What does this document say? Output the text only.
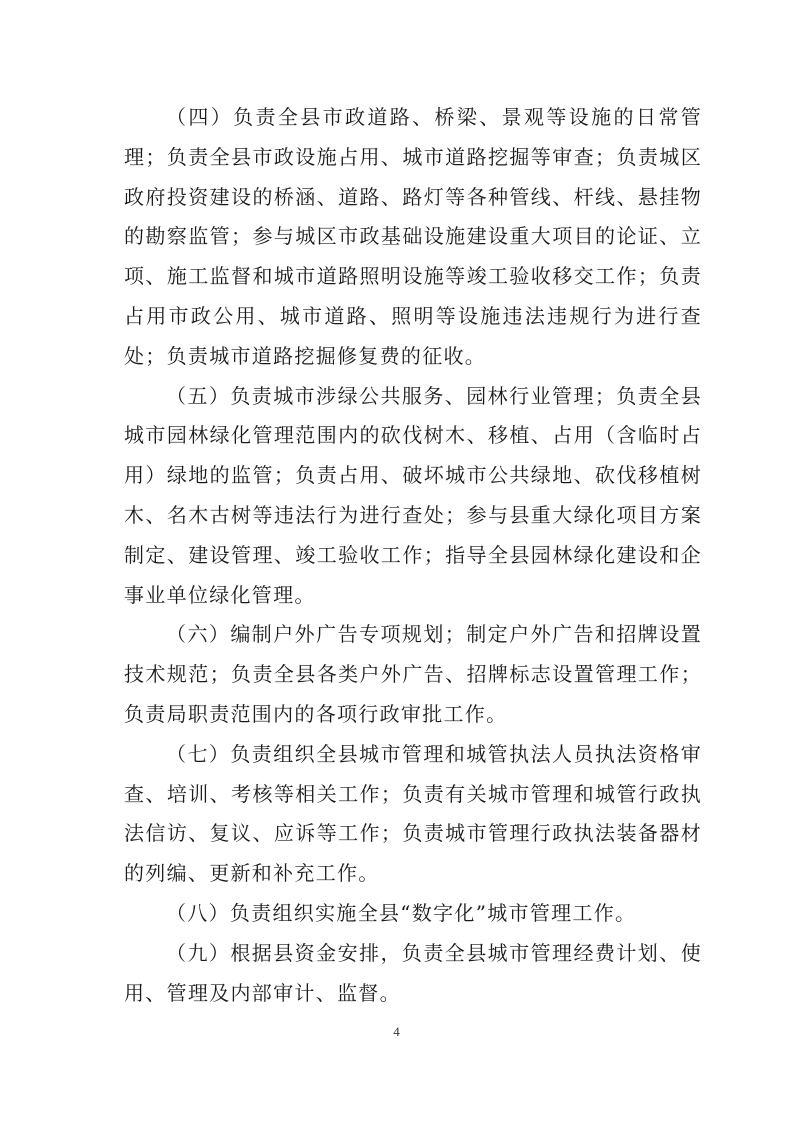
（四）负责全县市政道路、桥梁、景观等设施的日常管理；负责全县市政设施占用、城市道路挖掘等审查；负责城区政府投资建设的桥涵、道路、路灯等各种管线、杆线、悬挂物的勘察监管；参与城区市政基础设施建设重大项目的论证、立项、施工监督和城市道路照明设施等竣工验收移交工作；负责占用市政公用、城市道路、照明等设施违法违规行为进行查处；负责城市道路挖掘修复费的征收。

（五）负责城市涉绿公共服务、园林行业管理；负责全县城市园林绿化管理范围内的砍伐树木、移植、占用（含临时占用）绿地的监管；负责占用、破坏城市公共绿地、砍伐移植树木、名木古树等违法行为进行查处；参与县重大绿化项目方案制定、建设管理、竣工验收工作；指导全县园林绿化建设和企事业单位绿化管理。

（六）编制户外广告专项规划；制定户外广告和招牌设置技术规范；负责全县各类户外广告、招牌标志设置管理工作；负责局职责范围内的各项行政审批工作。

（七）负责组织全县城市管理和城管执法人员执法资格审查、培训、考核等相关工作；负责有关城市管理和城管行政执法信访、复议、应诉等工作；负责城市管理行政执法装备器材的列编、更新和补充工作。

（八）负责组织实施全县“数字化”城市管理工作。

（九）根据县资金安排，负责全县城市管理经费计划、使用、管理及内部审计、监督。

4
